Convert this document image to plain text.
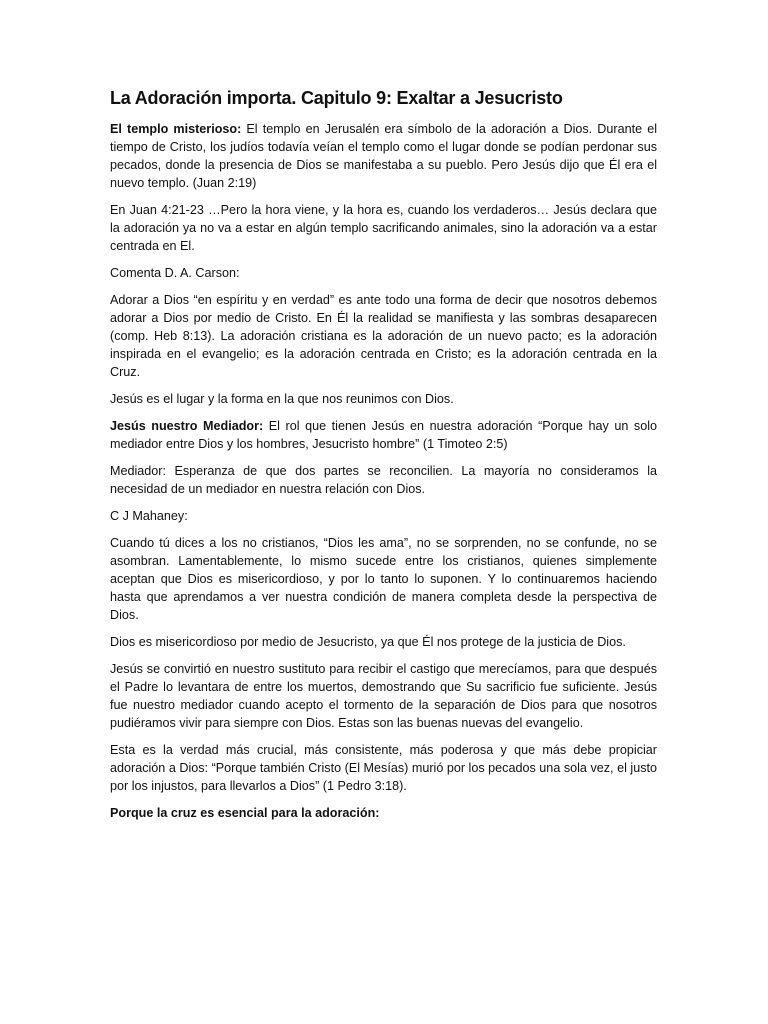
La Adoración importa. Capitulo 9: Exaltar a Jesucristo

El templo misterioso: El templo en Jerusalén era símbolo de la adoración a Dios. Durante el tiempo de Cristo, los judíos todavía veían el templo como el lugar donde se podían perdonar sus pecados, donde la presencia de Dios se manifestaba a su pueblo. Pero Jesús dijo que Él era el nuevo templo. (Juan 2:19)

En Juan 4:21-23 …Pero la hora viene, y la hora es, cuando los verdaderos… Jesús declara que la adoración ya no va a estar en algún templo sacrificando animales, sino la adoración va a estar centrada en El.

Comenta D. A. Carson:

Adorar a Dios “en espíritu y en verdad” es ante todo una forma de decir que nosotros debemos adorar a Dios por medio de Cristo. En Él la realidad se manifiesta y las sombras desaparecen (comp. Heb 8:13). La adoración cristiana es la adoración de un nuevo pacto; es la adoración inspirada en el evangelio; es la adoración centrada en Cristo; es la adoración centrada en la Cruz.

Jesús es el lugar y la forma en la que nos reunimos con Dios.

Jesús nuestro Mediador: El rol que tienen Jesús en nuestra adoración “Porque hay un solo mediador entre Dios y los hombres, Jesucristo hombre” (1 Timoteo 2:5)

Mediador: Esperanza de que dos partes se reconcilien. La mayoría no consideramos la necesidad de un mediador en nuestra relación con Dios.

C J Mahaney:

Cuando tú dices a los no cristianos, “Dios les ama”, no se sorprenden, no se confunde, no se asombran. Lamentablemente, lo mismo sucede entre los cristianos, quienes simplemente aceptan que Dios es misericordioso, y por lo tanto lo suponen. Y lo continuaremos haciendo hasta que aprendamos a ver nuestra condición de manera completa desde la perspectiva de Dios.

Dios es misericordioso por medio de Jesucristo, ya que Él nos protege de la justicia de Dios.

Jesús se convirtió en nuestro sustituto para recibir el castigo que merecíamos, para que después el Padre lo levantara de entre los muertos, demostrando que Su sacrificio fue suficiente. Jesús fue nuestro mediador cuando acepto el tormento de la separación de Dios para que nosotros pudiéramos vivir para siempre con Dios. Estas son las buenas nuevas del evangelio.

Esta es la verdad más crucial, más consistente, más poderosa y que más debe propiciar adoración a Dios: “Porque también Cristo (El Mesías) murió por los pecados una sola vez, el justo por los injustos, para llevarlos a Dios” (1 Pedro 3:18).

Porque la cruz es esencial para la adoración:
